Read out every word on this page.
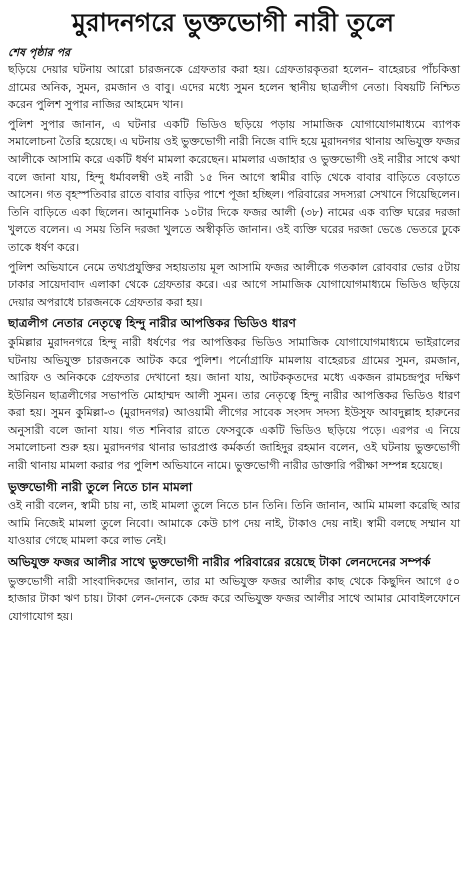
মুরাদনগরে ভুক্তভোগী নারী তুলে
শেষ পৃষ্ঠার পর

ছড়িয়ে দেয়ার ঘটনায় আরো চারজনকে গ্রেফতার করা হয়। গ্রেফতারকৃতরা হলেন– বাহেরচর পাঁচকিত্তা গ্রামের অনিক, সুমন, রমজান ও বাবু। এদের মধ্যে সুমন হলেন স্থানীয় ছাত্রলীগ নেতা। বিষয়টি নিশ্চিত করেন পুলিশ সুপার নাজির আহমেদ খান।

পুলিশ সুপার জানান, এ ঘটনার একটি ভিডিও ছড়িয়ে পড়ায় সামাজিক যোগাযোগমাধ্যমে ব্যাপক সমালোচনা তৈরি হয়েছে। এ ঘটনায় ওই ভুক্তভোগী নারী নিজে বাদি হয়ে মুরাদনগর থানায় অভিযুক্ত ফজর আলীকে আসামি করে একটি ধর্ষণ মামলা করেছেন। মামলার এজাহার ও ভুক্তভোগী ওই নারীর সাথে কথা বলে জানা যায়, হিন্দু ধর্মাবলম্বী ওই নারী ১৫ দিন আগে স্বামীর বাড়ি থেকে বাবার বাড়িতে বেড়াতে আসেন। গত বৃহস্পতিবার রাতে বাবার বাড়ির পাশে পূজা হচ্ছিল। পরিবারের সদস্যরা সেখানে গিয়েছিলেন। তিনি বাড়িতে একা ছিলেন। আনুমানিক ১০টার দিকে ফজর আলী (৩৮) নামের এক ব্যক্তি ঘরের দরজা খুলতে বলেন। এ সময় তিনি দরজা খুলতে অস্বীকৃতি জানান। ওই ব্যক্তি ঘরের দরজা ভেঙে ভেতরে ঢুকে তাকে ধর্ষণ করে।

পুলিশ অভিযানে নেমে তথ্যপ্রযুক্তির সহায়তায় মূল আসামি ফজর আলীকে গতকাল রোববার ভোর ৫টায় ঢাকার সায়েদাবাদ এলাকা থেকে গ্রেফতার করে। এর আগে সামাজিক যোগাযোগমাধ্যমে ভিডিও ছড়িয়ে দেয়ার অপরাধে চারজনকে গ্রেফতার করা হয়।

ছাত্রলীগ নেতার নেতৃত্বে হিন্দু নারীর আপত্তিকর ভিডিও ধারণ

কুমিল্লার মুরাদনগরে হিন্দু নারী ধর্ষণের পর আপত্তিকর ভিডিও সামাজিক যোগাযোগমাধ্যমে ভাইরালের ঘটনায় অভিযুক্ত চারজনকে আটক করে পুলিশ। পর্নোগ্রাফি মামলায় বাহেরচর গ্রামের সুমন, রমজান, আরিফ ও অনিককে গ্রেফতার দেখানো হয়। জানা যায়, আটককৃতদের মধ্যে একজন রামচন্দ্রপুর দক্ষিণ ইউনিয়ন ছাত্রলীগের সভাপতি মোহাম্মদ আলী সুমন। তার নেতৃত্বে হিন্দু নারীর আপত্তিকর ভিডিও ধারণ করা হয়। সুমন কুমিল্লা-৩ (মুরাদনগর) আওয়ামী লীগের সাবেক সংসদ সদস্য ইউসুফ আবদুল্লাহ হারুনের অনুসারী বলে জানা যায়। গত শনিবার রাতে ফেসবুকে একটি ভিডিও ছড়িয়ে পড়ে। এরপর এ নিয়ে সমালোচনা শুরু হয়। মুরাদনগর থানার ভারপ্রাপ্ত কর্মকর্তা জাহিদুর রহমান বলেন, ওই ঘটনায় ভুক্তভোগী নারী থানায় মামলা করার পর পুলিশ অভিযানে নামে। ভুক্তভোগী নারীর ডাক্তারি পরীক্ষা সম্পন্ন হয়েছে।

ভুক্তভোগী নারী তুলে নিতে চান মামলা

ওই নারী বলেন, স্বামী চায় না, তাই মামলা তুলে নিতে চান তিনি। তিনি জানান, আমি মামলা করেছি আর আমি নিজেই মামলা তুলে নিবো। আমাকে কেউ চাপ দেয় নাই, টাকাও দেয় নাই। স্বামী বলছে সম্মান যা যাওয়ার গেছে মামলা করে লাভ নেই।

অভিযুক্ত ফজর আলীর সাথে ভুক্তভোগী নারীর পরিবারের রয়েছে টাকা লেনদেনের সম্পর্ক

ভুক্তভোগী নারী সাংবাদিকদের জানান, তার মা অভিযুক্ত ফজর আলীর কাছ থেকে কিছুদিন আগে ৫০ হাজার টাকা ঋণ চায়। টাকা লেন-দেনকে কেন্দ্র করে অভিযুক্ত ফজর আলীর সাথে আমার মোবাইলফোনে যোগাযোগ হয়।
